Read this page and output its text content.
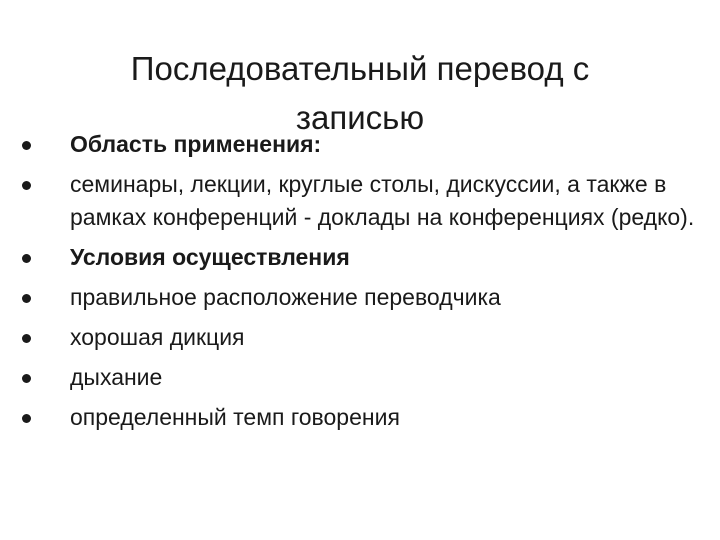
Последовательный перевод с
записью
Область применения:
семинары, лекции, круглые столы, дискуссии, а также в рамках конференций - доклады на конференциях (редко).
Условия осуществления
правильное расположение переводчика
хорошая дикция
дыхание
определенный темп говорения
